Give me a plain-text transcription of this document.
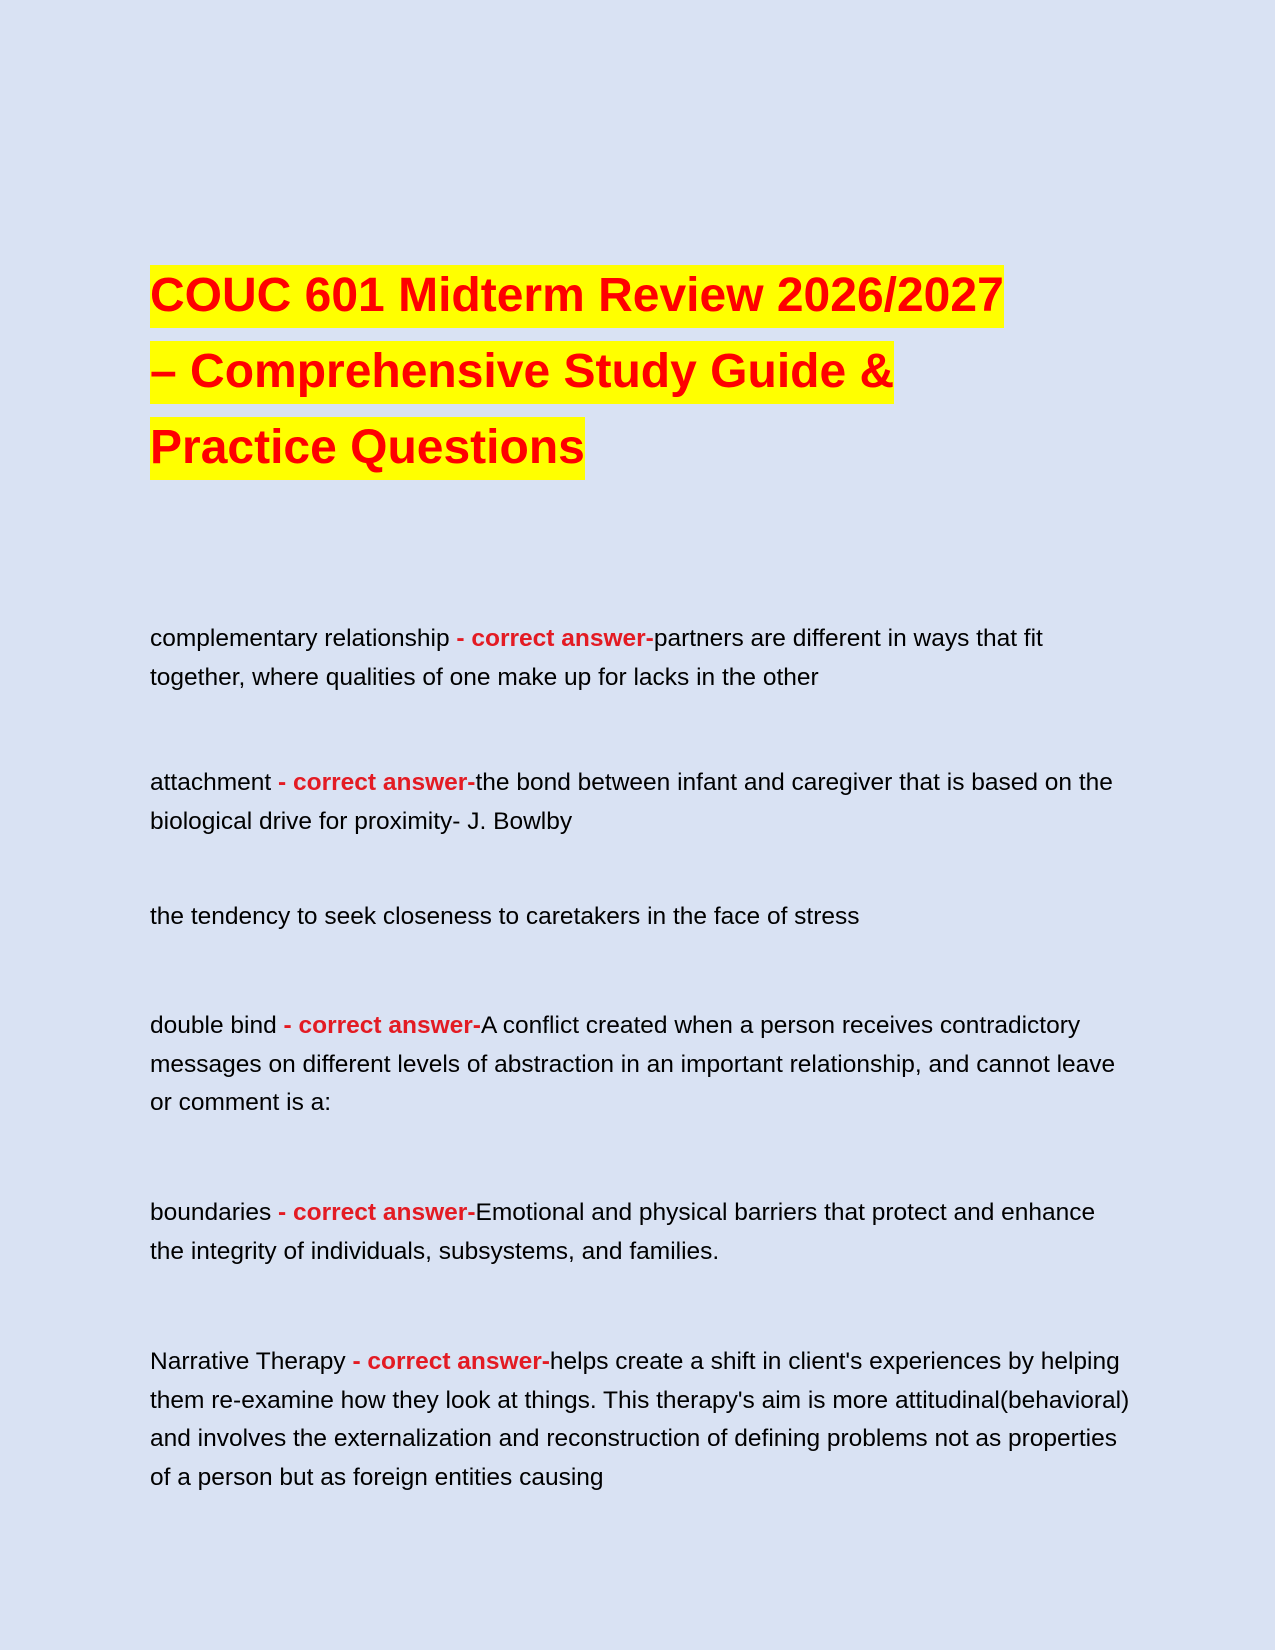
COUC 601 Midterm Review 2026/2027
– Comprehensive Study Guide &
Practice Questions

complementary relationship - correct answer-partners are different in ways that fit together, where qualities of one make up for lacks in the other

attachment - correct answer-the bond between infant and caregiver that is based on the biological drive for proximity- J. Bowlby

the tendency to seek closeness to caretakers in the face of stress

double bind - correct answer-A conflict created when a person receives contradictory messages on different levels of abstraction in an important relationship, and cannot leave or comment is a:

boundaries - correct answer-Emotional and physical barriers that protect and enhance the integrity of individuals, subsystems, and families.

Narrative Therapy - correct answer-helps create a shift in client's experiences by helping them re-examine how they look at things. This therapy's aim is more attitudinal(behavioral) and involves the externalization and reconstruction of defining problems not as properties of a person but as foreign entities causing
